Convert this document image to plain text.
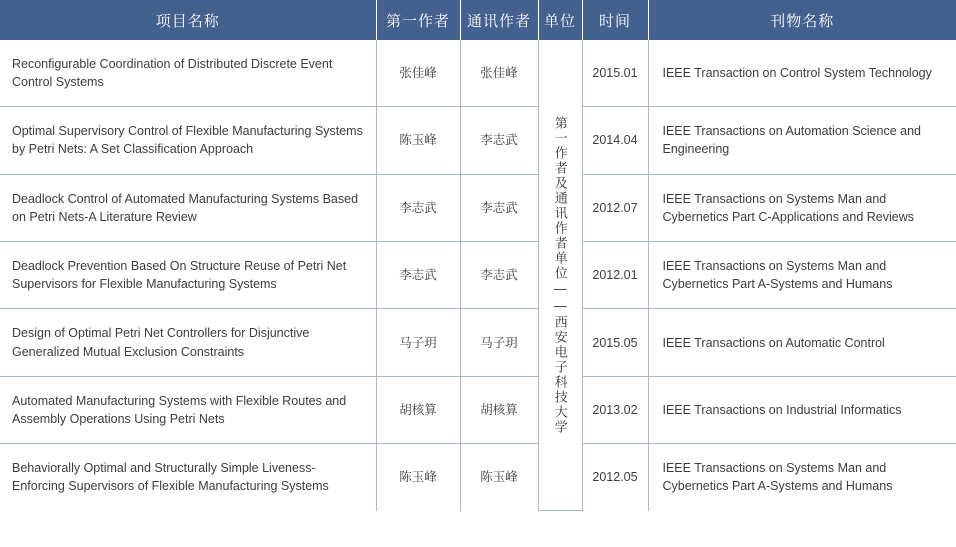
项目名称	第一作者	通讯作者	单位	时间	刊物名称
Reconfigurable Coordination of Distributed Discrete Event Control Systems	张佳峰	张佳峰	第一作者及通讯作者单位——西安电子科技大学	2015.01	IEEE Transaction on Control System Technology
Optimal Supervisory Control of Flexible Manufacturing Systems by Petri Nets: A Set Classification Approach	陈玉峰	李志武		2014.04	IEEE Transactions on Automation Science and Engineering
Deadlock Control of Automated Manufacturing Systems Based on Petri Nets-A Literature Review	李志武	李志武		2012.07	IEEE Transactions on Systems Man and Cybernetics Part C-Applications and Reviews
Deadlock Prevention Based On Structure Reuse of Petri Net Supervisors for Flexible Manufacturing Systems	李志武	李志武		2012.01	IEEE Transactions on Systems Man and Cybernetics Part A-Systems and Humans
Design of Optimal Petri Net Controllers for Disjunctive Generalized Mutual Exclusion Constraints	马子玥	马子玥		2015.05	IEEE Transactions on Automatic Control
Automated Manufacturing Systems with Flexible Routes and Assembly Operations Using Petri Nets	胡核算	胡核算		2013.02	IEEE Transactions on Industrial Informatics
Behaviorally Optimal and Structurally Simple Liveness-Enforcing Supervisors of Flexible Manufacturing Systems	陈玉峰	陈玉峰		2012.05	IEEE Transactions on Systems Man and Cybernetics Part A-Systems and Humans
